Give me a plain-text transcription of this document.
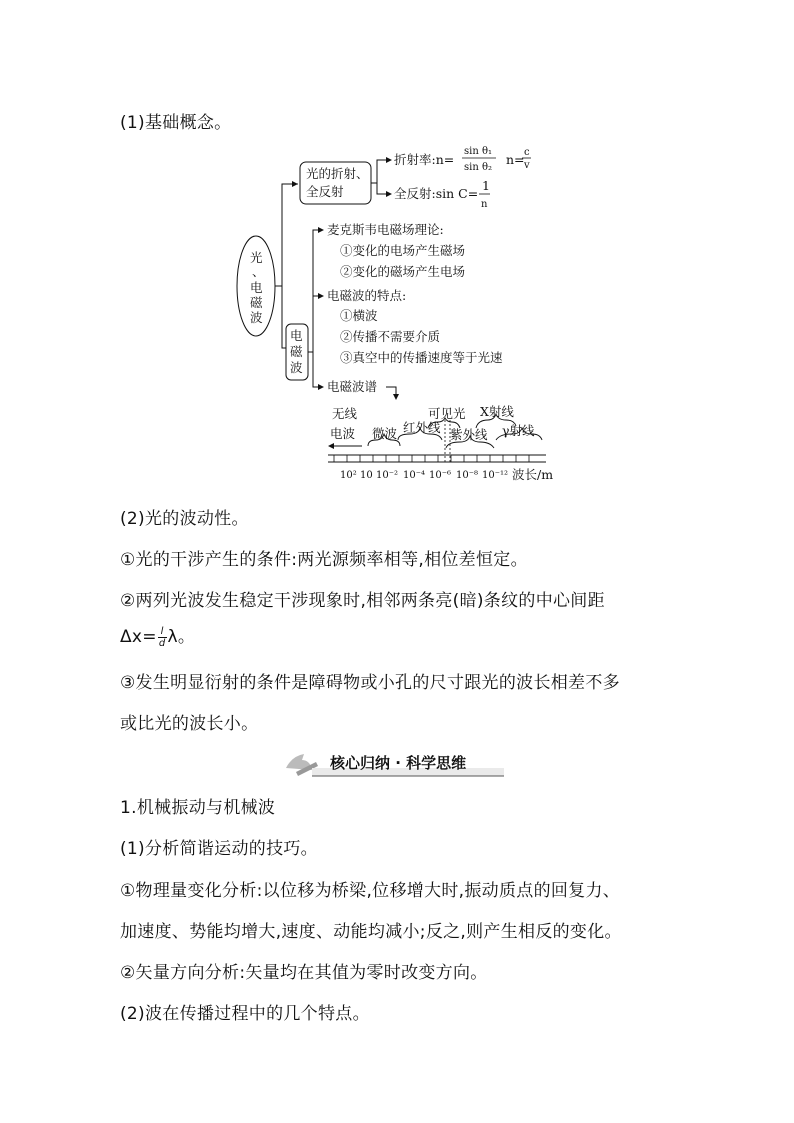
(1)基础概念。
光
、
电
磁
波
光的折射、
全反射
折射率:n=
sin θ₁
sin θ₂
n= c
v
全反射:sin C=
1
n
电
磁
波
麦克斯韦电磁场理论:
①变化的电场产生磁场
②变化的磁场产生电场
电磁波的特点:
①横波
②传播不需要介质
③真空中的传播速度等于光速
电磁波谱
无线
电波 微波 红外线
可见光
紫外线
X射线
γ射线
10² 10 10⁻² 10⁻⁴ 10⁻⁶ 10⁻⁸ 10⁻¹² 波长/m
(2)光的波动性。
①光的干涉产生的条件:两光源频率相等,相位差恒定。
②两列光波发生稳定干涉现象时,相邻两条亮(暗)条纹的中心间距
$\Delta x= \frac{l}{d}$ λ。
③发生明显衍射的条件是障碍物或小孔的尺寸跟光的波长相差不多
或比光的波长小。
核心归纳 · 科学思维
1.机械振动与机械波
(1)分析简谐运动的技巧。
①物理量变化分析:以位移为桥梁,位移增大时,振动质点的回复力、
加速度、势能均增大,速度、动能均减小;反之,则产生相反的变化。
②矢量方向分析:矢量均在其值为零时改变方向。
(2)波在传播过程中的几个特点。
